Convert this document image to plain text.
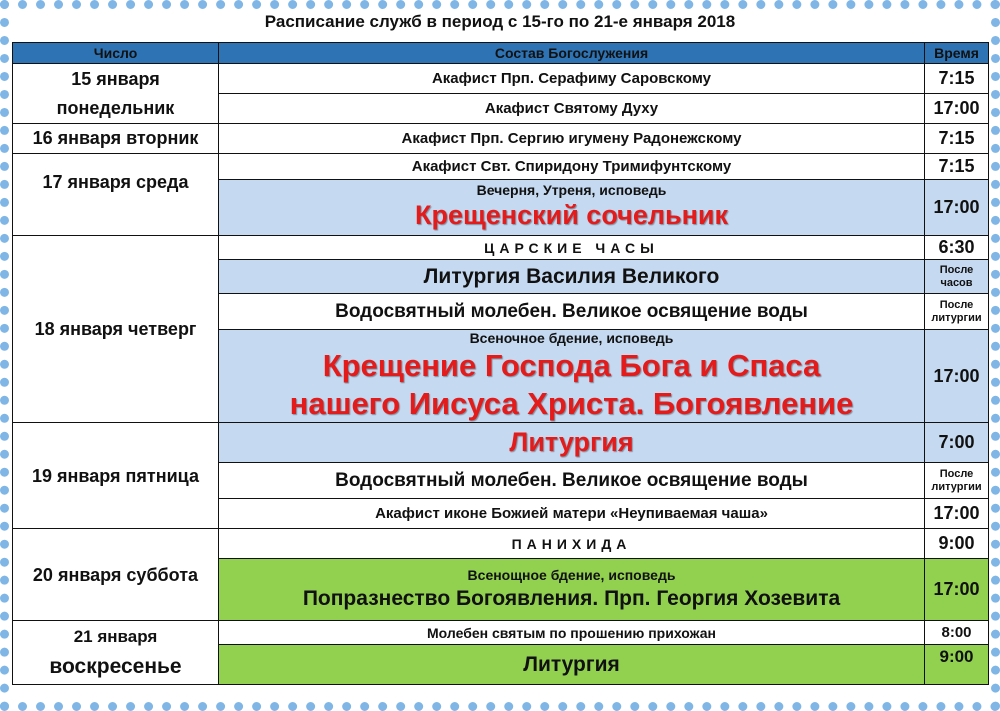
Расписание служб в период с 15-го по 21-е января 2018
Число	Состав Богослужения	Время

15 января
понедельник	Акафист Прп. Серафиму Саровскому	7:15
	Акафист Святому Духу	17:00
16 января вторник	Акафист Прп. Сергию игумену Радонежскому	7:15
17 января среда	Акафист Свт. Спиридону Тримифунтскому	7:15

	Вечерня, Утреня, исповедь
Крещенский сочельник	17:00
18 января четверг	ЦАРСКИЕ ЧАСЫ	6:30
	Литургия Василия Великого	После
часов

	Водосвятный молебен. Великое освящение воды	После
литургии

	Всеночное бдение, исповедь
Крещение Господа Бога и Спаса
нашего Иисуса Христа. Богоявление	17:00
19 января пятница	Литургия	7:00
	Водосвятный молебен. Великое освящение воды	После
литургии

	Акафист иконе Божией матери «Неупиваемая чаша»	17:00
20 января суббота	ПАНИХИДА	9:00

	Всенощное бдение, исповедь
Попразнество Богоявления. Прп. Георгия Хозевита	17:00

21 января
воскресенье	Молебен святым по прошению прихожан	8:00
	Литургия	9:00
